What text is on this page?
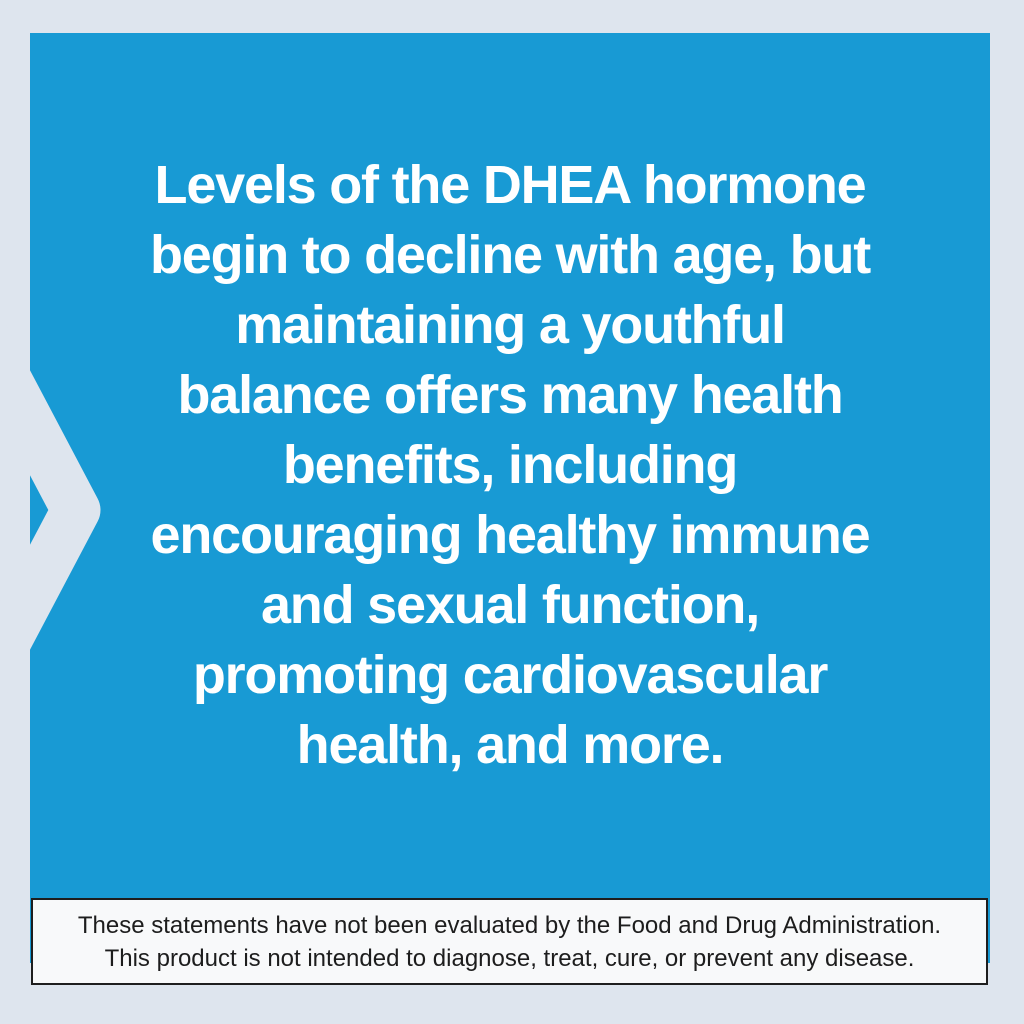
Levels of the DHEA hormone
begin to decline with age, but
maintaining a youthful
balance offers many health
benefits, including
encouraging healthy immune
and sexual function,
promoting cardiovascular
health, and more.
These statements have not been evaluated by the Food and Drug Administration.
This product is not intended to diagnose, treat, cure, or prevent any disease.
